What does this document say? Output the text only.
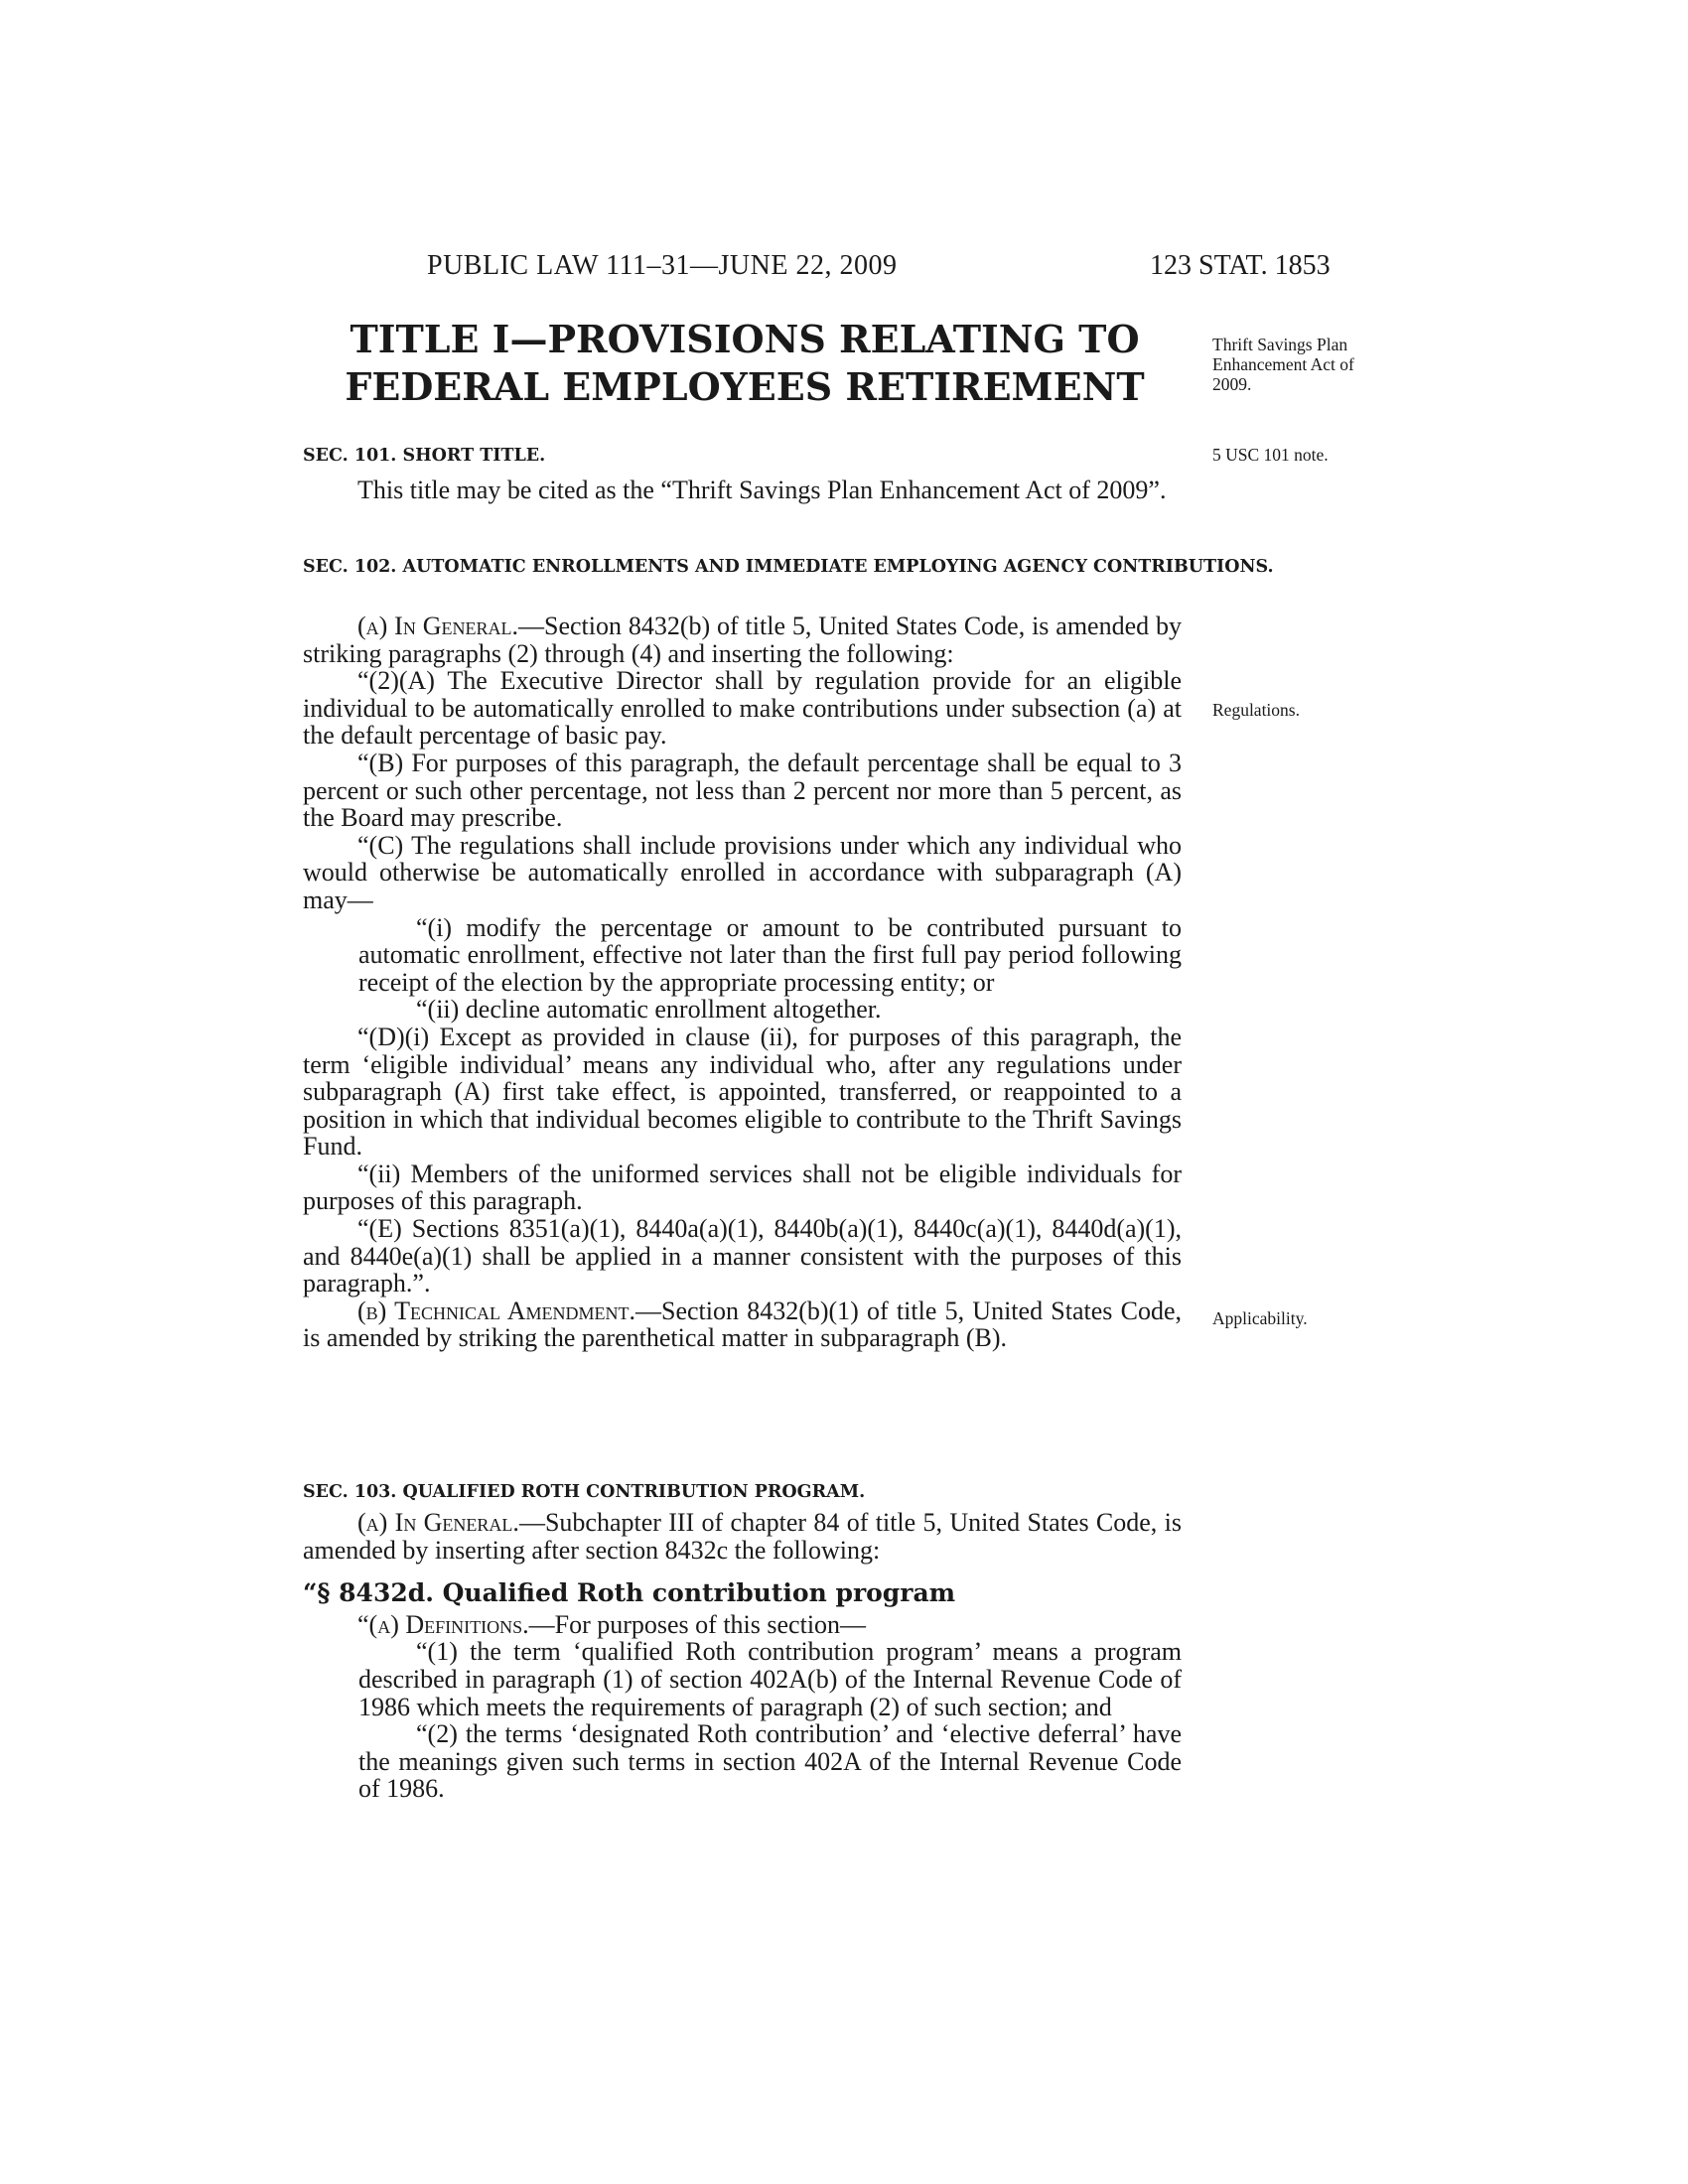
PUBLIC LAW 111–31—JUNE 22, 2009	123 STAT. 1853
TITLE I—PROVISIONS RELATING TO
FEDERAL EMPLOYEES RETIREMENT
Thrift Savings Plan Enhancement Act of 2009.
5 USC 101 note.
Regulations.
Applicability.
SEC. 101. SHORT TITLE.

This title may be cited as the “Thrift Savings Plan Enhancement Act of 2009”.

SEC. 102. AUTOMATIC ENROLLMENTS AND IMMEDIATE EMPLOYING AGENCY CONTRIBUTIONS.

(a) In General.—Section 8432(b) of title 5, United States Code, is amended by striking paragraphs (2) through (4) and inserting the following:

“(2)(A) The Executive Director shall by regulation provide for an eligible individual to be automatically enrolled to make contributions under subsection (a) at the default percentage of basic pay.

“(B) For purposes of this paragraph, the default percentage shall be equal to 3 percent or such other percentage, not less than 2 percent nor more than 5 percent, as the Board may prescribe.

“(C) The regulations shall include provisions under which any individual who would otherwise be automatically enrolled in accordance with subparagraph (A) may—

“(i) modify the percentage or amount to be contributed pursuant to automatic enrollment, effective not later than the first full pay period following receipt of the election by the appropriate processing entity; or

“(ii) decline automatic enrollment altogether.

“(D)(i) Except as provided in clause (ii), for purposes of this paragraph, the term ‘eligible individual’ means any individual who, after any regulations under subparagraph (A) first take effect, is appointed, transferred, or reappointed to a position in which that individual becomes eligible to contribute to the Thrift Savings Fund.

“(ii) Members of the uniformed services shall not be eligible individuals for purposes of this paragraph.

“(E) Sections 8351(a)(1), 8440a(a)(1), 8440b(a)(1), 8440c(a)(1), 8440d(a)(1), and 8440e(a)(1) shall be applied in a manner consistent with the purposes of this paragraph.”.

(b) Technical Amendment.—Section 8432(b)(1) of title 5, United States Code, is amended by striking the parenthetical matter in subparagraph (B).

SEC. 103. QUALIFIED ROTH CONTRIBUTION PROGRAM.

(a) In General.—Subchapter III of chapter 84 of title 5, United States Code, is amended by inserting after section 8432c the following:

“§ 8432d. Qualified Roth contribution program

“(a) Definitions.—For purposes of this section—

“(1) the term ‘qualified Roth contribution program’ means a program described in paragraph (1) of section 402A(b) of the Internal Revenue Code of 1986 which meets the requirements of paragraph (2) of such section; and

“(2) the terms ‘designated Roth contribution’ and ‘elective deferral’ have the meanings given such terms in section 402A of the Internal Revenue Code of 1986.
